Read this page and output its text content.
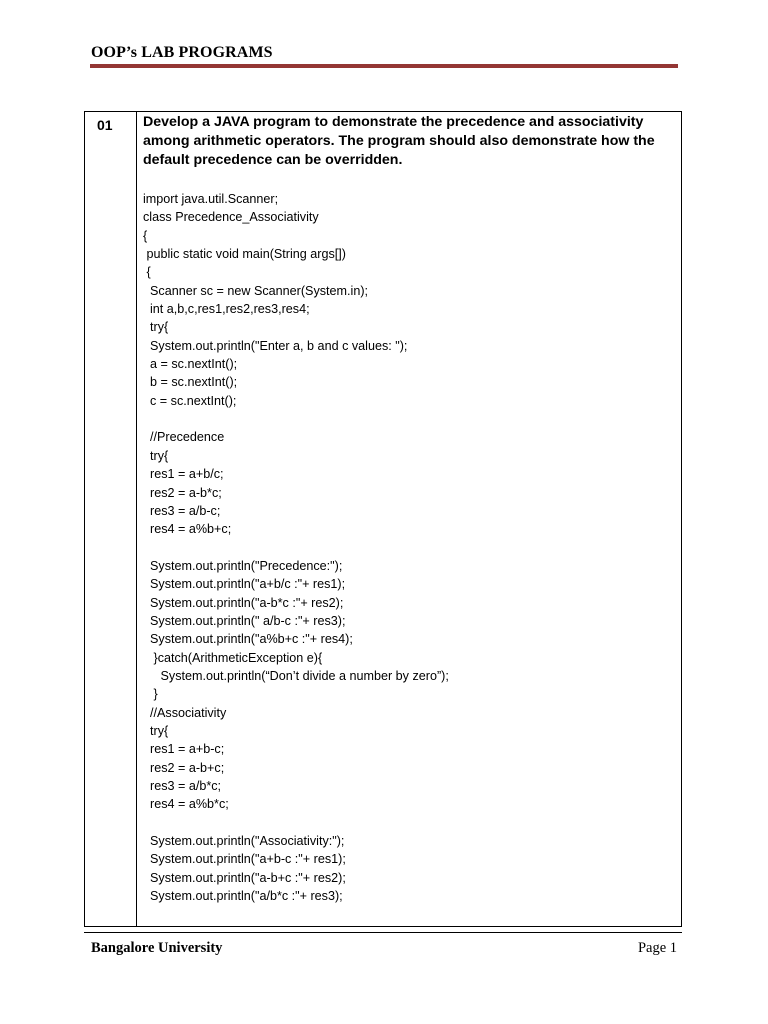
OOP’s LAB PROGRAMS
01 Develop a JAVA program to demonstrate the precedence and associativity among arithmetic operators. The program should also demonstrate how the default precedence can be overridden.
import java.util.Scanner;
class Precedence_Associativity
{
public static void main(String args[])
{
Scanner sc = new Scanner(System.in);
int a,b,c,res1,res2,res3,res4;
try{
System.out.println("Enter a, b and c values: ");
a = sc.nextInt();
b = sc.nextInt();
c = sc.nextInt();
//Precedence
try{
res1 = a+b/c;
res2 = a-b*c;
res3 = a/b-c;
res4 = a%b+c;
System.out.println("Precedence:");
System.out.println("a+b/c :"+ res1);
System.out.println("a-b*c :"+ res2);
System.out.println(" a/b-c :"+ res3);
System.out.println("a%b+c :"+ res4);
}catch(ArithmeticException e){
System.out.println(“Don’t divide a number by zero”);
}
//Associativity
try{
res1 = a+b-c;
res2 = a-b+c;
res3 = a/b*c;
res4 = a%b*c;
System.out.println("Associativity:");
System.out.println("a+b-c :"+ res1);
System.out.println("a-b+c :"+ res2);
System.out.println("a/b*c :"+ res3);
Bangalore University	Page 1
